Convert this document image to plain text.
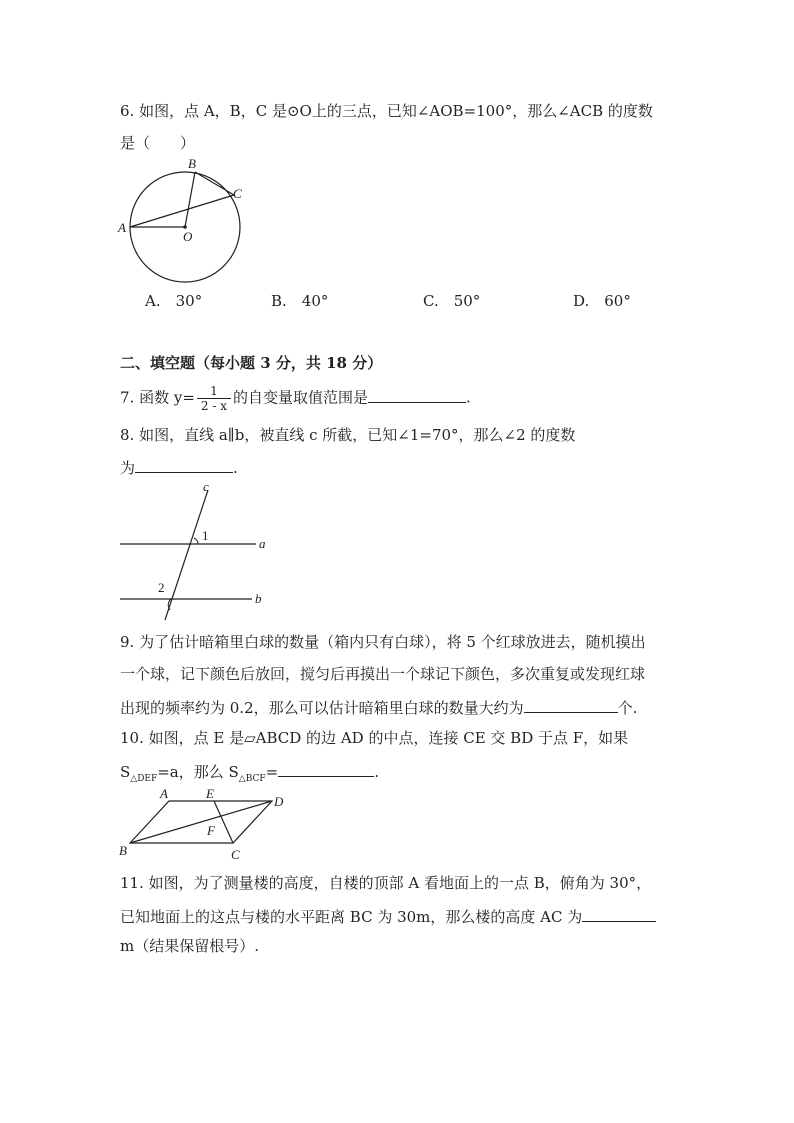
6. 如图，点 A，B，C 是⊙O上的三点，已知∠AOB=100°，那么∠ACB 的度数
是（　　）
A
B
C
O
A.　30°	B.　40°	C.　50°	D.　60°
二、填空题（每小题 3 分，共 18 分）
7. 函数 $y= \frac{1}{2 - x}$ 的自变量取值范围是	.
8. 如图，直线 a∥b，被直线 c 所截，已知∠1=70°，那么∠2 的度数
为	.
c
1
a
2
b
9. 为了估计暗箱里白球的数量（箱内只有白球），将 5 个红球放进去，随机摸出
一个球，记下颜色后放回，搅匀后再摸出一个球记下颜色，多次重复或发现红球
出现的频率约为 0.2，那么可以估计暗箱里白球的数量大约为	个.
10. 如图，点 E 是▱ABCD 的边 AD 的中点，连接 CE 交 BD 于点 F，如果
$S_{\triangle DEF}=a$，那么 $S_{\triangle BCF}=$	.
A	E
D
F
B	C
11. 如图，为了测量楼的高度，自楼的顶部 A 看地面上的一点 B，俯角为 30°，
已知地面上的这点与楼的水平距离 BC 为 30m，那么楼的高度 AC 为
m（结果保留根号）.
